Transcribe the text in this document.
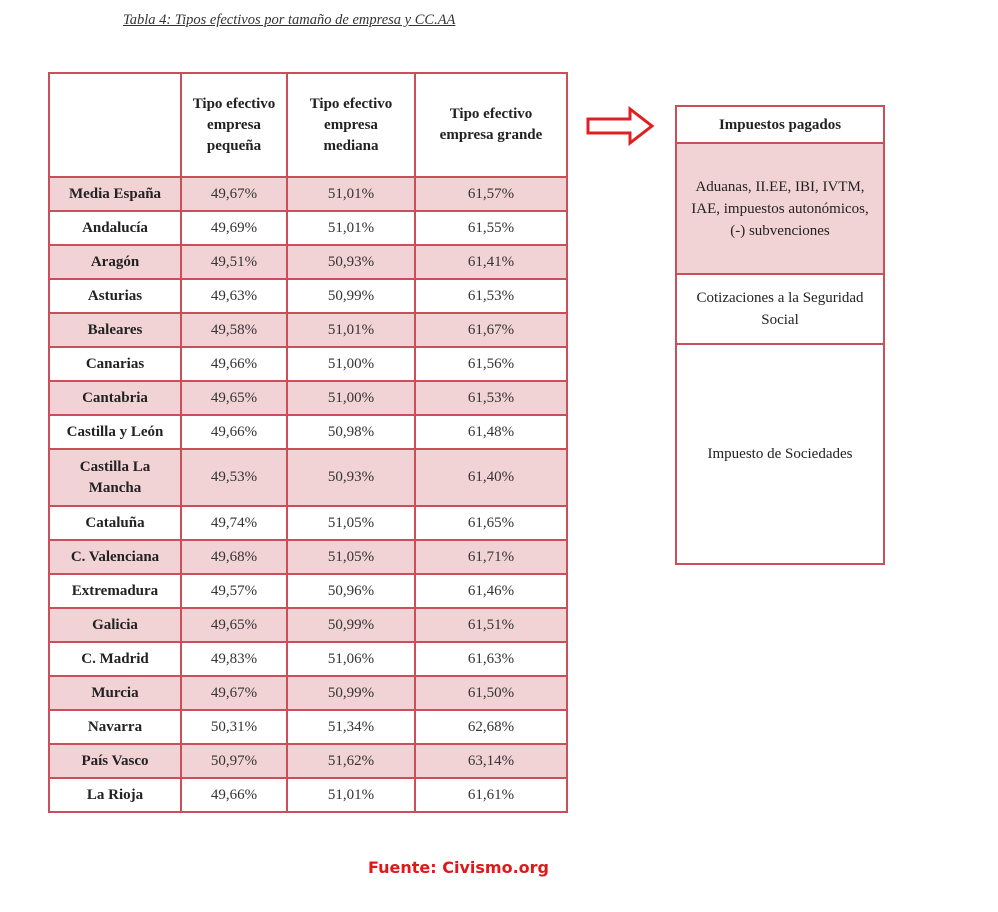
Tabla 4: Tipos efectivos por tamaño de empresa y CC.AA

	Tipo efectivo empresa pequeña	Tipo efectivo empresa mediana	Tipo efectivo empresa grande

Media España	49,67%	51,01%	61,57%
Andalucía	49,69%	51,01%	61,55%
Aragón	49,51%	50,93%	61,41%
Asturias	49,63%	50,99%	61,53%
Baleares	49,58%	51,01%	61,67%
Canarias	49,66%	51,00%	61,56%
Cantabria	49,65%	51,00%	61,53%
Castilla y León	49,66%	50,98%	61,48%
Castilla La Mancha	49,53%	50,93%	61,40%
Cataluña	49,74%	51,05%	61,65%
C. Valenciana	49,68%	51,05%	61,71%
Extremadura	49,57%	50,96%	61,46%
Galicia	49,65%	50,99%	61,51%
C. Madrid	49,83%	51,06%	61,63%
Murcia	49,67%	50,99%	61,50%
Navarra	50,31%	51,34%	62,68%
País Vasco	50,97%	51,62%	63,14%
La Rioja	49,66%	51,01%	61,61%
Impuestos pagados
Aduanas, II.EE, IBI, IVTM, IAE, impuestos autonómicos, (-) subvenciones
Cotizaciones a la Seguridad Social
Impuesto de Sociedades
Fuente: Civismo.org
